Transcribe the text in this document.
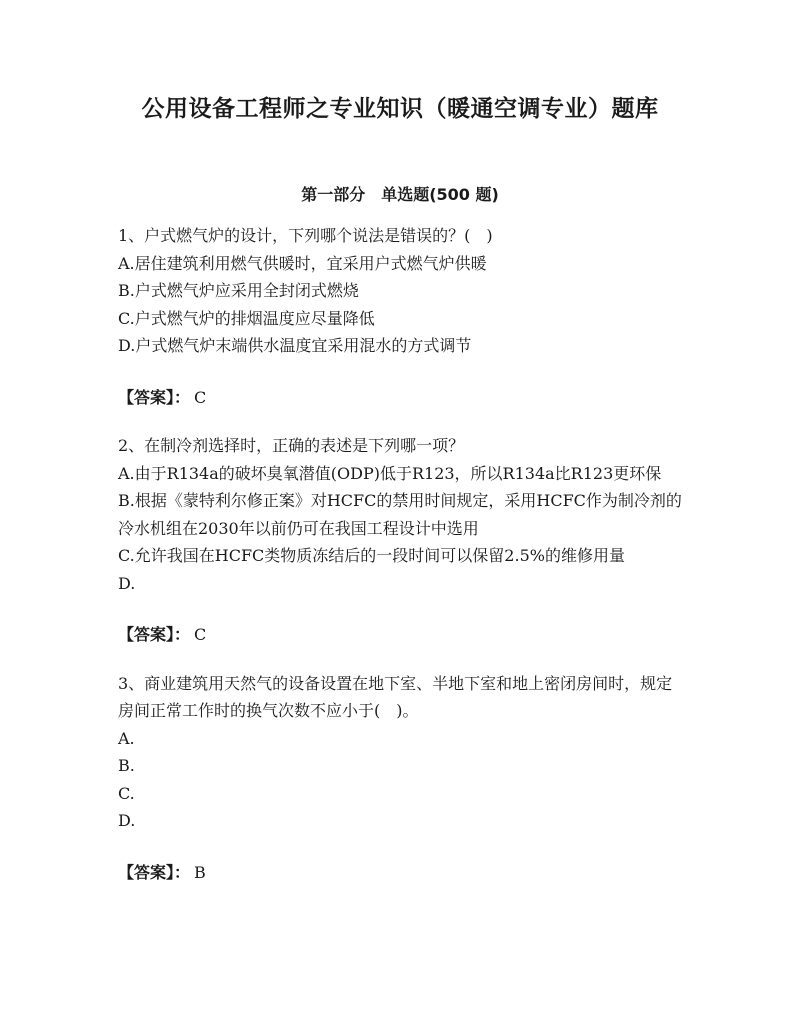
公用设备工程师之专业知识（暖通空调专业）题库
第一部分　单选题(500 题)

1、户式燃气炉的设计，下列哪个说法是错误的？(　)

A.居住建筑利用燃气供暖时，宜采用户式燃气炉供暖

B.户式燃气炉应采用全封闭式燃烧

C.户式燃气炉的排烟温度应尽量降低

D.户式燃气炉末端供水温度宜采用混水的方式调节

【答案】： C

2、在制冷剂选择时，正确的表述是下列哪一项？

A.由于R134a的破坏臭氧潜值(ODP)低于R123，所以R134a比R123更环保

B.根据《蒙特利尔修正案》对HCFC的禁用时间规定，采用HCFC作为制冷剂的冷水机组在2030年以前仍可在我国工程设计中选用

C.允许我国在HCFC类物质冻结后的一段时间可以保留2.5%的维修用量

D.

【答案】： C

3、商业建筑用天然气的设备设置在地下室、半地下室和地上密闭房间时，规定房间正常工作时的换气次数不应小于(　)。

A.

B.

C.

D.

【答案】： B
